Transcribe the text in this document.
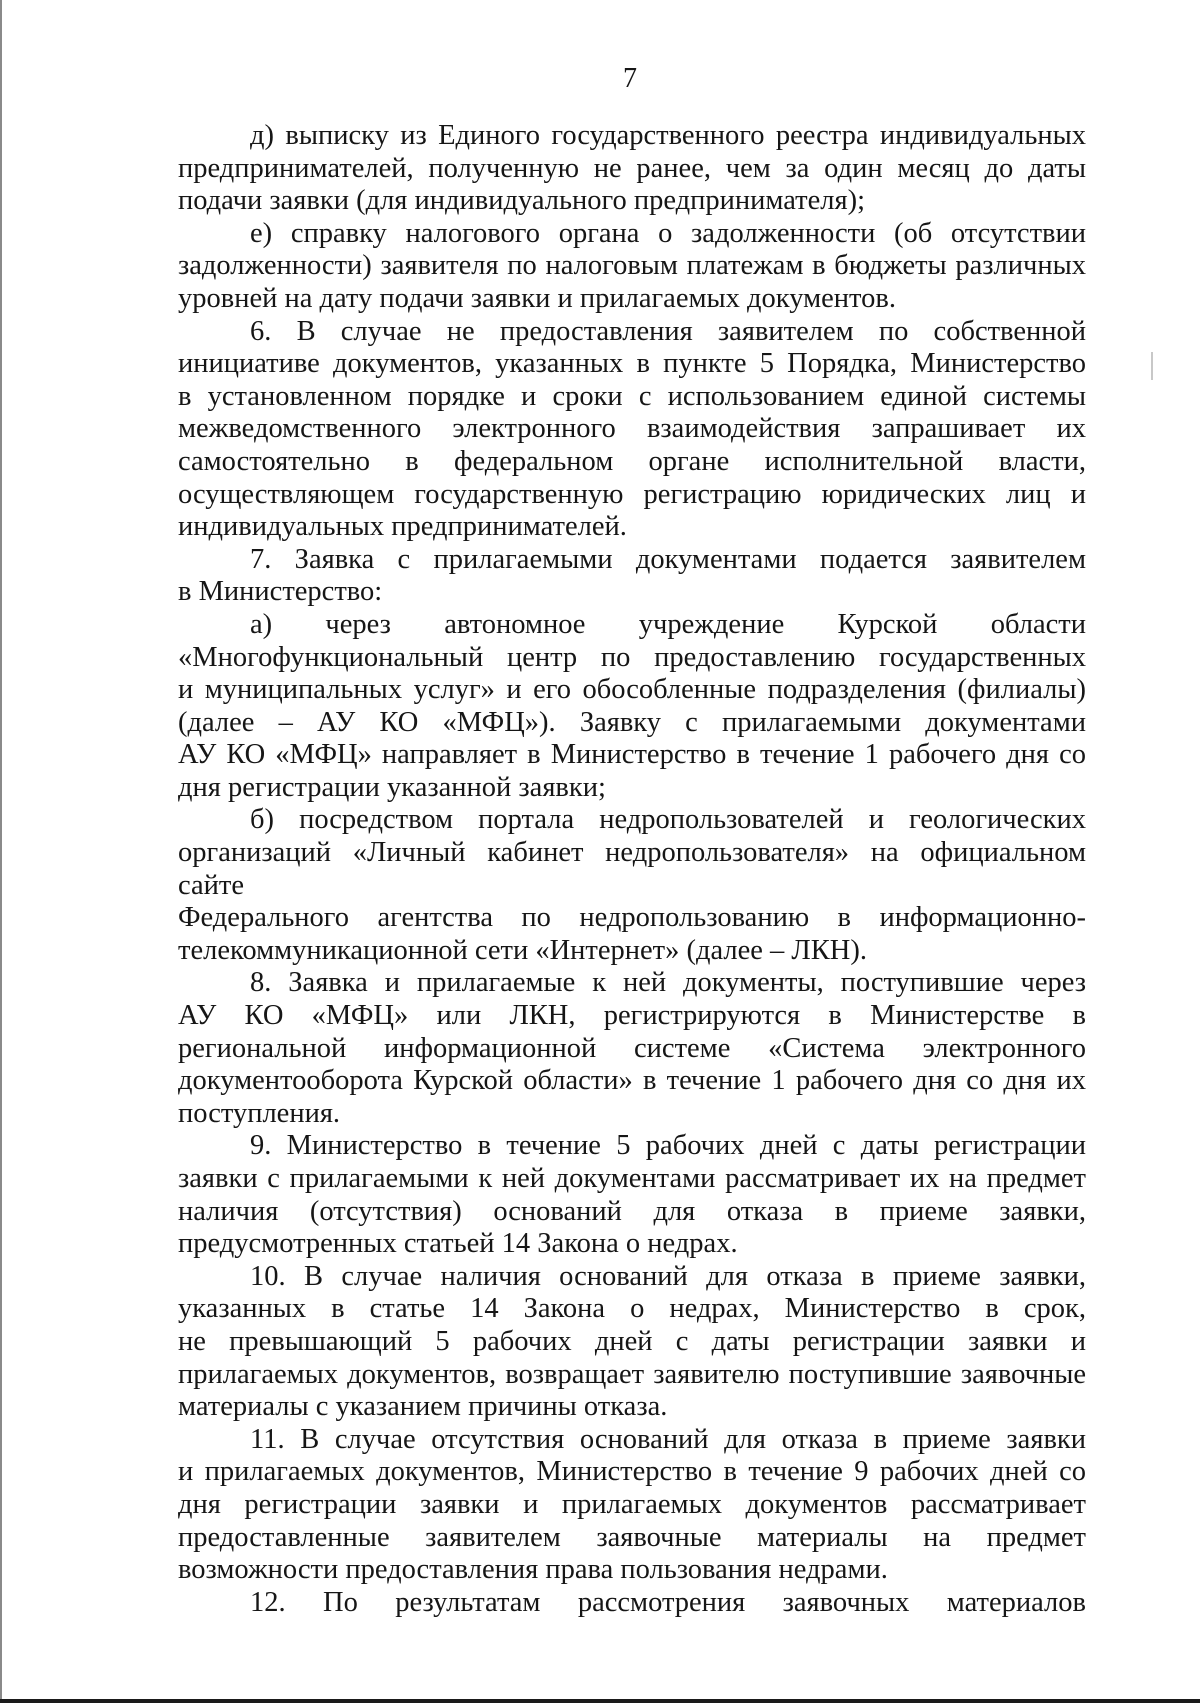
7
д) выписку из Единого государственного реестра индивидуальных
предпринимателей, полученную не ранее, чем за один месяц до даты
подачи заявки (для индивидуального предпринимателя);
е) справку налогового органа о задолженности (об отсутствии
задолженности) заявителя по налоговым платежам в бюджеты различных
уровней на дату подачи заявки и прилагаемых документов.
6. В случае не предоставления заявителем по собственной
инициативе документов, указанных в пункте 5 Порядка, Министерство
в установленном порядке и сроки с использованием единой системы
межведомственного электронного взаимодействия запрашивает их
самостоятельно в федеральном органе исполнительной власти,
осуществляющем государственную регистрацию юридических лиц и
индивидуальных предпринимателей.
7. Заявка с прилагаемыми документами подается заявителем
в Министерство:
а) через автономное учреждение Курской области
«Многофункциональный центр по предоставлению государственных
и муниципальных услуг» и его обособленные подразделения (филиалы)
(далее – АУ КО «МФЦ»). Заявку с прилагаемыми документами
АУ КО «МФЦ» направляет в Министерство в течение 1 рабочего дня со
дня регистрации указанной заявки;
б) посредством портала недропользователей и геологических
организаций «Личный кабинет недропользователя» на официальном сайте
Федерального агентства по недропользованию в информационно-
телекоммуникационной сети «Интернет» (далее – ЛКН).
8. Заявка и прилагаемые к ней документы, поступившие через
АУ КО «МФЦ» или ЛКН, регистрируются в Министерстве в
региональной информационной системе «Система электронного
документооборота Курской области» в течение 1 рабочего дня со дня их
поступления.
9. Министерство в течение 5 рабочих дней с даты регистрации
заявки с прилагаемыми к ней документами рассматривает их на предмет
наличия (отсутствия) оснований для отказа в приеме заявки,
предусмотренных статьей 14 Закона о недрах.
10. В случае наличия оснований для отказа в приеме заявки,
указанных в статье 14 Закона о недрах, Министерство в срок,
не превышающий 5 рабочих дней с даты регистрации заявки и
прилагаемых документов, возвращает заявителю поступившие заявочные
материалы с указанием причины отказа.
11. В случае отсутствия оснований для отказа в приеме заявки
и прилагаемых документов, Министерство в течение 9 рабочих дней со
дня регистрации заявки и прилагаемых документов рассматривает
предоставленные заявителем заявочные материалы на предмет
возможности предоставления права пользования недрами.
12. По результатам рассмотрения заявочных материалов
